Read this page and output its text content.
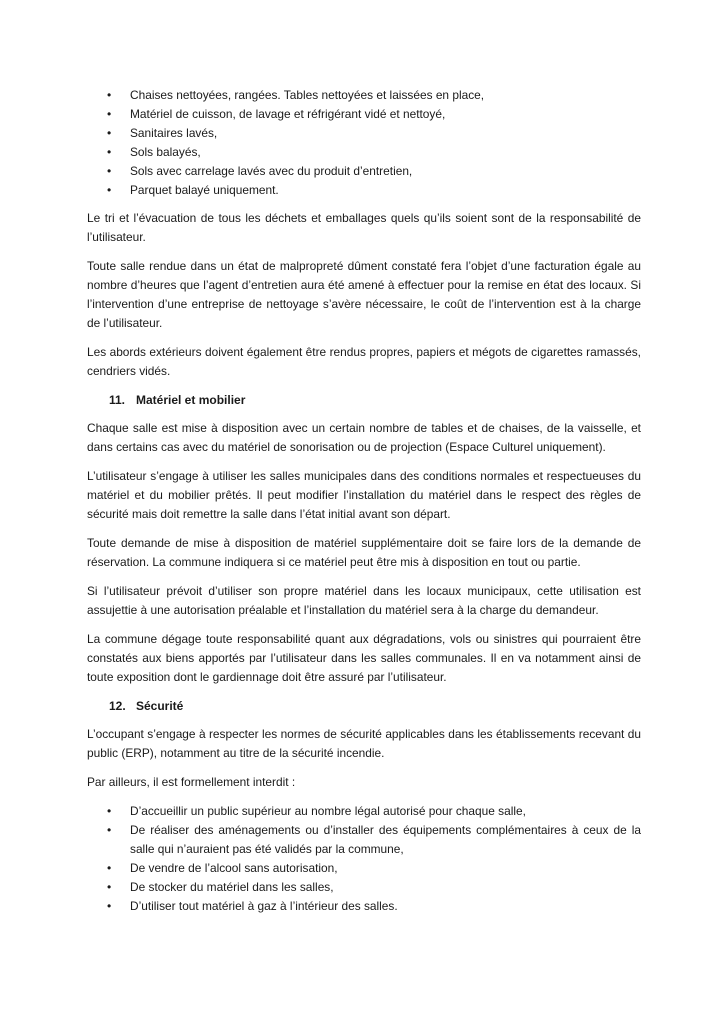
• Chaises nettoyées, rangées. Tables nettoyées et laissées en place,
• Matériel de cuisson, de lavage et réfrigérant vidé et nettoyé,
• Sanitaires lavés,
• Sols balayés,
• Sols avec carrelage lavés avec du produit d’entretien,
• Parquet balayé uniquement.

Le tri et l’évacuation de tous les déchets et emballages quels qu’ils soient sont de la responsabilité de l’utilisateur.

Toute salle rendue dans un état de malpropreté dûment constaté fera l’objet d’une facturation égale au nombre d’heures que l’agent d’entretien aura été amené à effectuer pour la remise en état des locaux. Si l’intervention d’une entreprise de nettoyage s’avère nécessaire, le coût de l’intervention est à la charge de l’utilisateur.

Les abords extérieurs doivent également être rendus propres, papiers et mégots de cigarettes ramassés, cendriers vidés.

11. Matériel et mobilier

Chaque salle est mise à disposition avec un certain nombre de tables et de chaises, de la vaisselle, et dans certains cas avec du matériel de sonorisation ou de projection (Espace Culturel uniquement).

L’utilisateur s’engage à utiliser les salles municipales dans des conditions normales et respectueuses du matériel et du mobilier prêtés. Il peut modifier l’installation du matériel dans le respect des règles de sécurité mais doit remettre la salle dans l’état initial avant son départ.

Toute demande de mise à disposition de matériel supplémentaire doit se faire lors de la demande de réservation. La commune indiquera si ce matériel peut être mis à disposition en tout ou partie.

Si l’utilisateur prévoit d’utiliser son propre matériel dans les locaux municipaux, cette utilisation est assujettie à une autorisation préalable et l’installation du matériel sera à la charge du demandeur.

La commune dégage toute responsabilité quant aux dégradations, vols ou sinistres qui pourraient être constatés aux biens apportés par l’utilisateur dans les salles communales. Il en va notamment ainsi de toute exposition dont le gardiennage doit être assuré par l’utilisateur.

12. Sécurité

L’occupant s’engage à respecter les normes de sécurité applicables dans les établissements recevant du public (ERP), notamment au titre de la sécurité incendie.

Par ailleurs, il est formellement interdit :

• D’accueillir un public supérieur au nombre légal autorisé pour chaque salle,
• De réaliser des aménagements ou d’installer des équipements complémentaires à ceux de la salle qui n’auraient pas été validés par la commune,
• De vendre de l’alcool sans autorisation,
• De stocker du matériel dans les salles,
• D’utiliser tout matériel à gaz à l’intérieur des salles.
